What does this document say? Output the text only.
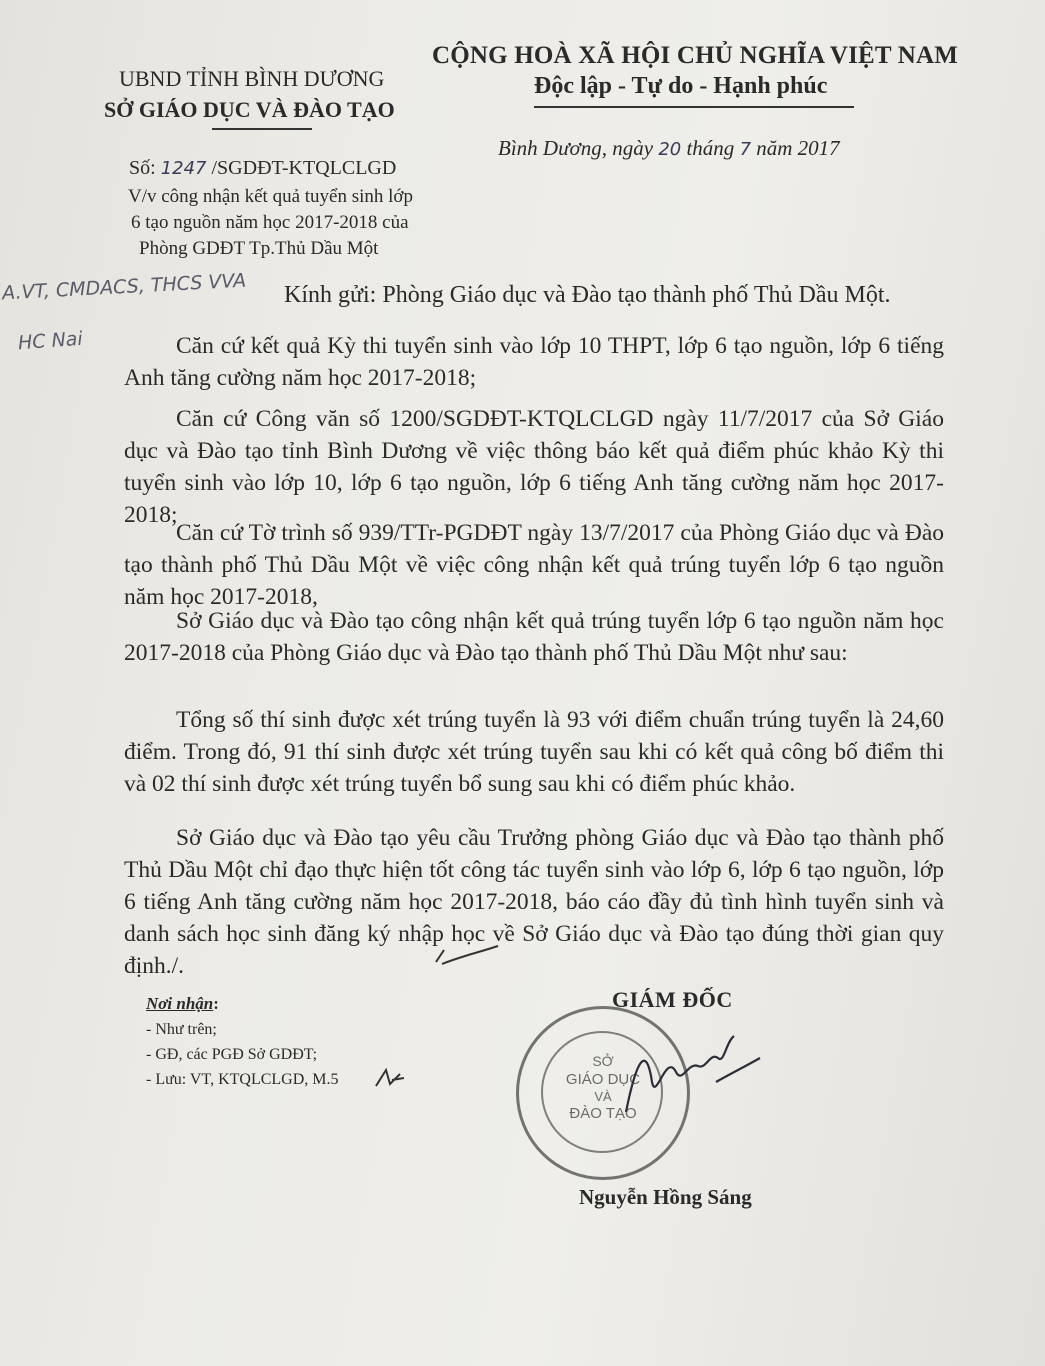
UBND TỈNH BÌNH DƯƠNG
SỞ GIÁO DỤC VÀ ĐÀO TẠO
CỘNG HOÀ XÃ HỘI CHỦ NGHĨA VIỆT NAM
Độc lập - Tự do - Hạnh phúc
Số: 1247 /SGDĐT-KTQLCLGD
V/v công nhận kết quả tuyển sinh lớp
6 tạo nguồn năm học 2017-2018 của
Phòng GDĐT Tp.Thủ Dầu Một
Bình Dương, ngày 20 tháng 7 năm 2017
A.VT, CMDACS, THCS VVA
HC Nai
Kính gửi: Phòng Giáo dục và Đào tạo thành phố Thủ Dầu Một.

Căn cứ kết quả Kỳ thi tuyển sinh vào lớp 10 THPT, lớp 6 tạo nguồn, lớp 6 tiếng Anh tăng cường năm học 2017-2018;

Căn cứ Công văn số 1200/SGDĐT-KTQLCLGD ngày 11/7/2017 của Sở Giáo dục và Đào tạo tỉnh Bình Dương về việc thông báo kết quả điểm phúc khảo Kỳ thi tuyển sinh vào lớp 10, lớp 6 tạo nguồn, lớp 6 tiếng Anh tăng cường năm học 2017-2018;

Căn cứ Tờ trình số 939/TTr-PGDĐT ngày 13/7/2017 của Phòng Giáo dục và Đào tạo thành phố Thủ Dầu Một về việc công nhận kết quả trúng tuyển lớp 6 tạo nguồn năm học 2017-2018,

Sở Giáo dục và Đào tạo công nhận kết quả trúng tuyển lớp 6 tạo nguồn năm học 2017-2018 của Phòng Giáo dục và Đào tạo thành phố Thủ Dầu Một như sau:

Tổng số thí sinh được xét trúng tuyển là 93 với điểm chuẩn trúng tuyển là 24,60 điểm. Trong đó, 91 thí sinh được xét trúng tuyển sau khi có kết quả công bố điểm thi và 02 thí sinh được xét trúng tuyển bổ sung sau khi có điểm phúc khảo.

Sở Giáo dục và Đào tạo yêu cầu Trưởng phòng Giáo dục và Đào tạo thành phố Thủ Dầu Một chỉ đạo thực hiện tốt công tác tuyển sinh vào lớp 6, lớp 6 tạo nguồn, lớp 6 tiếng Anh tăng cường năm học 2017-2018, báo cáo đầy đủ tình hình tuyển sinh và danh sách học sinh đăng ký nhập học về Sở Giáo dục và Đào tạo đúng thời gian quy định./.

Nơi nhận:
- Như trên;
- GĐ, các PGĐ Sở GDĐT;
- Lưu: VT, KTQLCLGD, M.5
GIÁM ĐỐC
SỞ
GIÁO DỤC
VÀ
ĐÀO TẠO
Nguyễn Hồng Sáng
